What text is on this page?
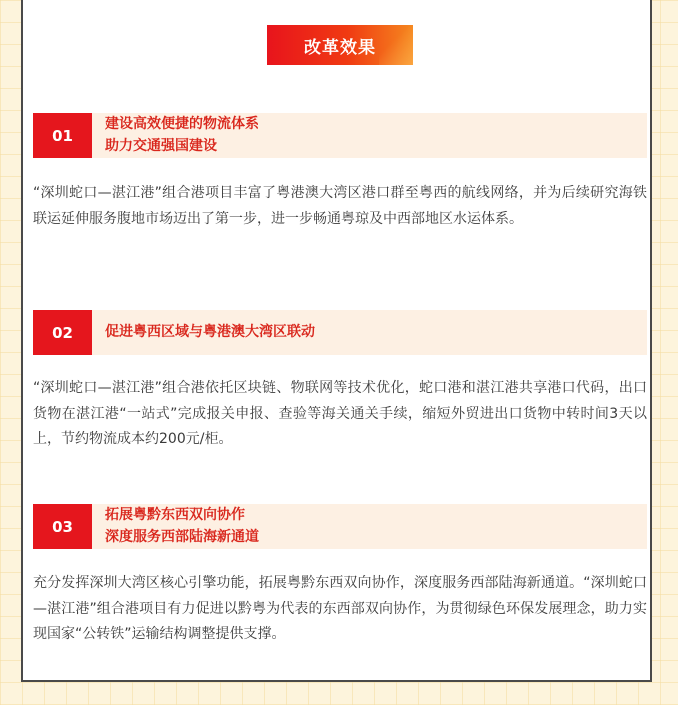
改革效果
01
建设高效便捷的物流体系
助力交通强国建设
“深圳蛇口—湛江港”组合港项目丰富了粤港澳大湾区港口群至粤西的航线网络，并为后续研究海铁联运延伸服务腹地市场迈出了第一步，进一步畅通粤琼及中西部地区水运体系。
02	促进粤西区域与粤港澳大湾区联动
“深圳蛇口—湛江港”组合港依托区块链、物联网等技术优化，蛇口港和湛江港共享港口代码，出口货物在湛江港“一站式”完成报关申报、查验等海关通关手续，缩短外贸进出口货物中转时间3天以上，节约物流成本约200元/柜。
03
拓展粤黔东西双向协作
深度服务西部陆海新通道
充分发挥深圳大湾区核心引擎功能，拓展粤黔东西双向协作，深度服务西部陆海新通道。“深圳蛇口—湛江港”组合港项目有力促进以黔粤为代表的东西部双向协作，为贯彻绿色环保发展理念，助力实现国家“公转铁”运输结构调整提供支撑。
